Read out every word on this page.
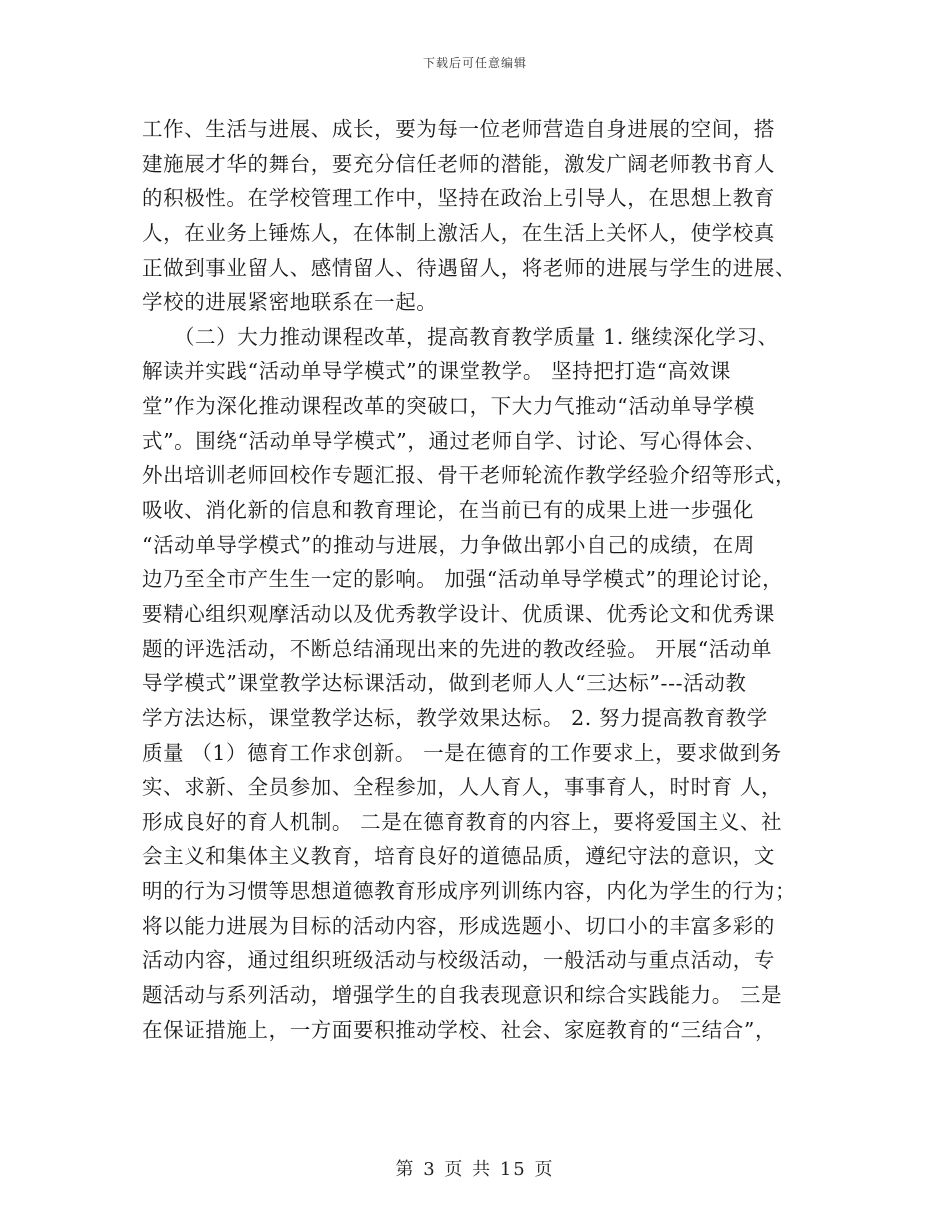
下载后可任意编辑
工作、生活与进展、成长，要为每一位老师营造自身进展的空间，搭
建施展才华的舞台，要充分信任老师的潜能，激发广阔老师教书育人
的积极性。在学校管理工作中，坚持在政治上引导人，在思想上教育
人，在业务上锤炼人，在体制上激活人，在生活上关怀人，使学校真
正做到事业留人、感情留人、待遇留人，将老师的进展与学生的进展、
学校的进展紧密地联系在一起。
　　（二）大力推动课程改革，提高教育教学质量 1. 继续深化学习、
解读并实践“活动单导学模式”的课堂教学。 坚持把打造“高效课
堂”作为深化推动课程改革的突破口，下大力气推动“活动单导学模
式”。围绕“活动单导学模式”，通过老师自学、讨论、写心得体会、
外出培训老师回校作专题汇报、骨干老师轮流作教学经验介绍等形式，
吸收、消化新的信息和教育理论，在当前已有的成果上进一步强化
“活动单导学模式”的推动与进展，力争做出郭小自己的成绩，在周
边乃至全市产生生一定的影响。 加强“活动单导学模式”的理论讨论，
要精心组织观摩活动以及优秀教学设计、优质课、优秀论文和优秀课
题的评选活动，不断总结涌现出来的先进的教改经验。 开展“活动单
导学模式”课堂教学达标课活动，做到老师人人“三达标”---活动教
学方法达标，课堂教学达标，教学效果达标。 2. 努力提高教育教学
质量 （1）德育工作求创新。 一是在德育的工作要求上，要求做到务
实、求新、全员参加、全程参加，人人育人，事事育人，时时育 人，
形成良好的育人机制。 二是在德育教育的内容上，要将爱国主义、社
会主义和集体主义教育，培育良好的道德品质，遵纪守法的意识，文
明的行为习惯等思想道德教育形成序列训练内容，内化为学生的行为；
将以能力进展为目标的活动内容，形成选题小、切口小的丰富多彩的
活动内容，通过组织班级活动与校级活动，一般活动与重点活动，专
题活动与系列活动，增强学生的自我表现意识和综合实践能力。 三是
在保证措施上，一方面要积推动学校、社会、家庭教育的“三结合”，
第 3 页 共 15 页
